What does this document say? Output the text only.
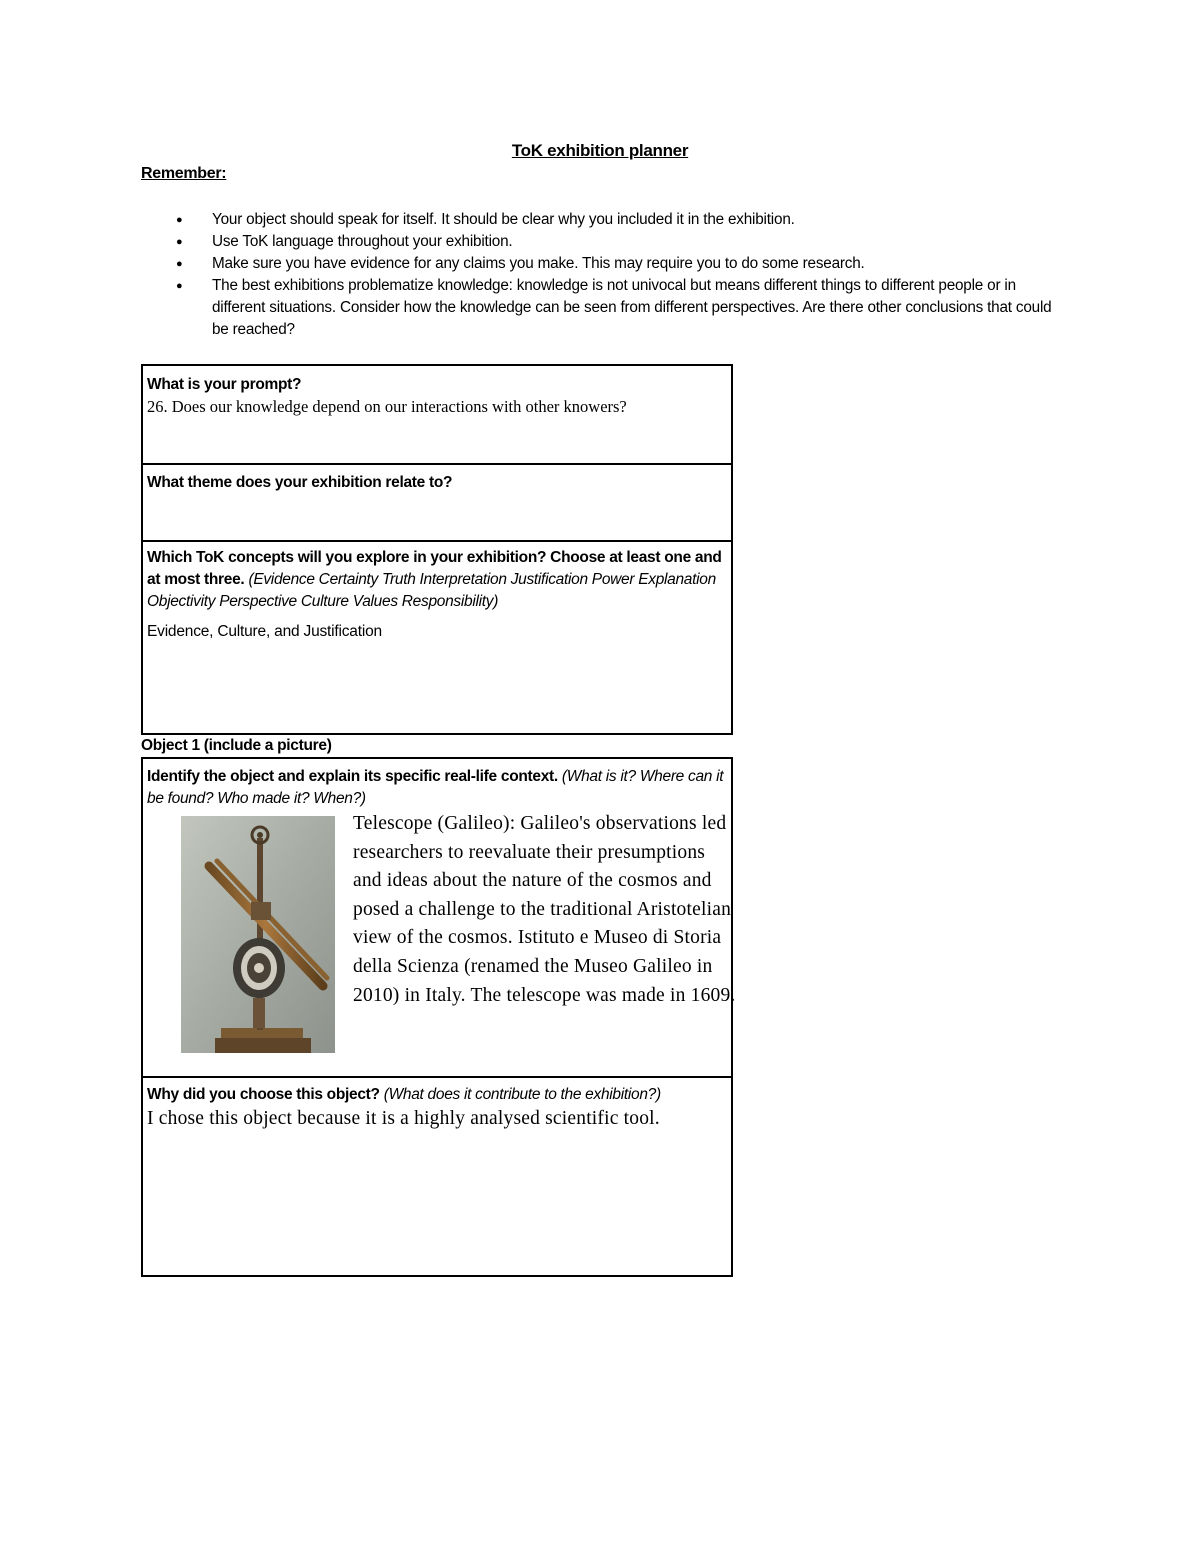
ToK exhibition planner
Remember:
● Your object should speak for itself. It should be clear why you included it in the exhibition.
● Use ToK language throughout your exhibition.
● Make sure you have evidence for any claims you make. This may require you to do some research.
● The best exhibitions problematize knowledge: knowledge is not univocal but means different things to different people or in different situations. Consider how the knowledge can be seen from different perspectives. Are there other conclusions that could be reached?
What is your prompt?
26. Does our knowledge depend on our interactions with other knowers?
What theme does your exhibition relate to?
Which ToK concepts will you explore in your exhibition? Choose at least one and at most three. (Evidence Certainty Truth Interpretation Justification Power Explanation Objectivity Perspective Culture Values Responsibility)
Evidence, Culture, and Justification
Object 1 (include a picture)
Identify the object and explain its specific real-life context. (What is it? Where can it be found? Who made it? When?)
Telescope (Galileo): Galileo's observations led researchers to reevaluate their presumptions and ideas about the nature of the cosmos and posed a challenge to the traditional Aristotelian view of the cosmos. Istituto e Museo di Storia della Scienza (renamed the Museo Galileo in 2010) in Italy. The telescope was made in 1609.
Why did you choose this object? (What does it contribute to the exhibition?)
I chose this object because it is a highly analysed scientific tool.
